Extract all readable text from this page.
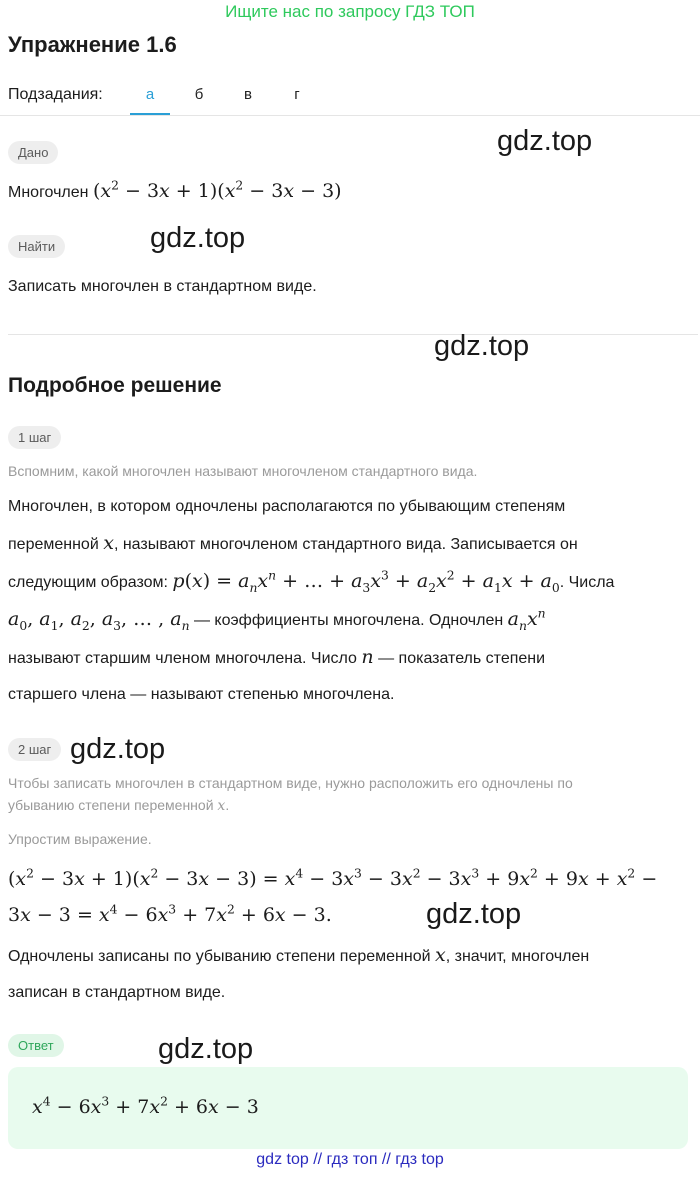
Ищите нас по запросу ГДЗ ТОП
Упражнение 1.6
Подзадания:	а	б	в	г
Дано
Многочлен $(x^2 - 3x + 1)(x^2 - 3x - 3)$
Найти
Записать многочлен в стандартном виде.
Подробное решение
1 шаг
Вспомним, какой многочлен называют многочленом стандартного вида.
Многочлен, в котором одночлены располагаются по убывающим степеням
переменной x, называют многочленом стандартного вида. Записывается он
следующим образом: $p(x) = a_nx^n$ + … + $a_3x^3 + a_2x^2 + a_1x + a_0$. Числа
$a_0$, $a_1$, $a_2$, $a_3$, … , $a_n$ — коэффициенты многочлена. Одночлен $a_nx^n$
называют старшим членом многочлена. Число n — показатель степени
старшего члена — называют степенью многочлена.
2 шаг
Чтобы записать многочлен в стандартном виде, нужно расположить его одночлены по
убыванию степени переменной x.
Упростим выражение.
$(x^2 - 3x + 1)(x^2 - 3x - 3) = x^4 - 3x^3 - 3x^2 - 3x^3 + 9x^2 + 9x + x^2$ −
$3x - 3 = x^4 - 6x^3 + 7x^2 + 6x - 3$.
Одночлены записаны по убыванию степени переменной x, значит, многочлен
записан в стандартном виде.
Ответ
$x^4 - 6x^3 + 7x^2 + 6x - 3$
gdz.top
gdz.top
gdz.top
gdz.top
gdz.top
gdz.top
gdz top // гдз топ // гдз top
